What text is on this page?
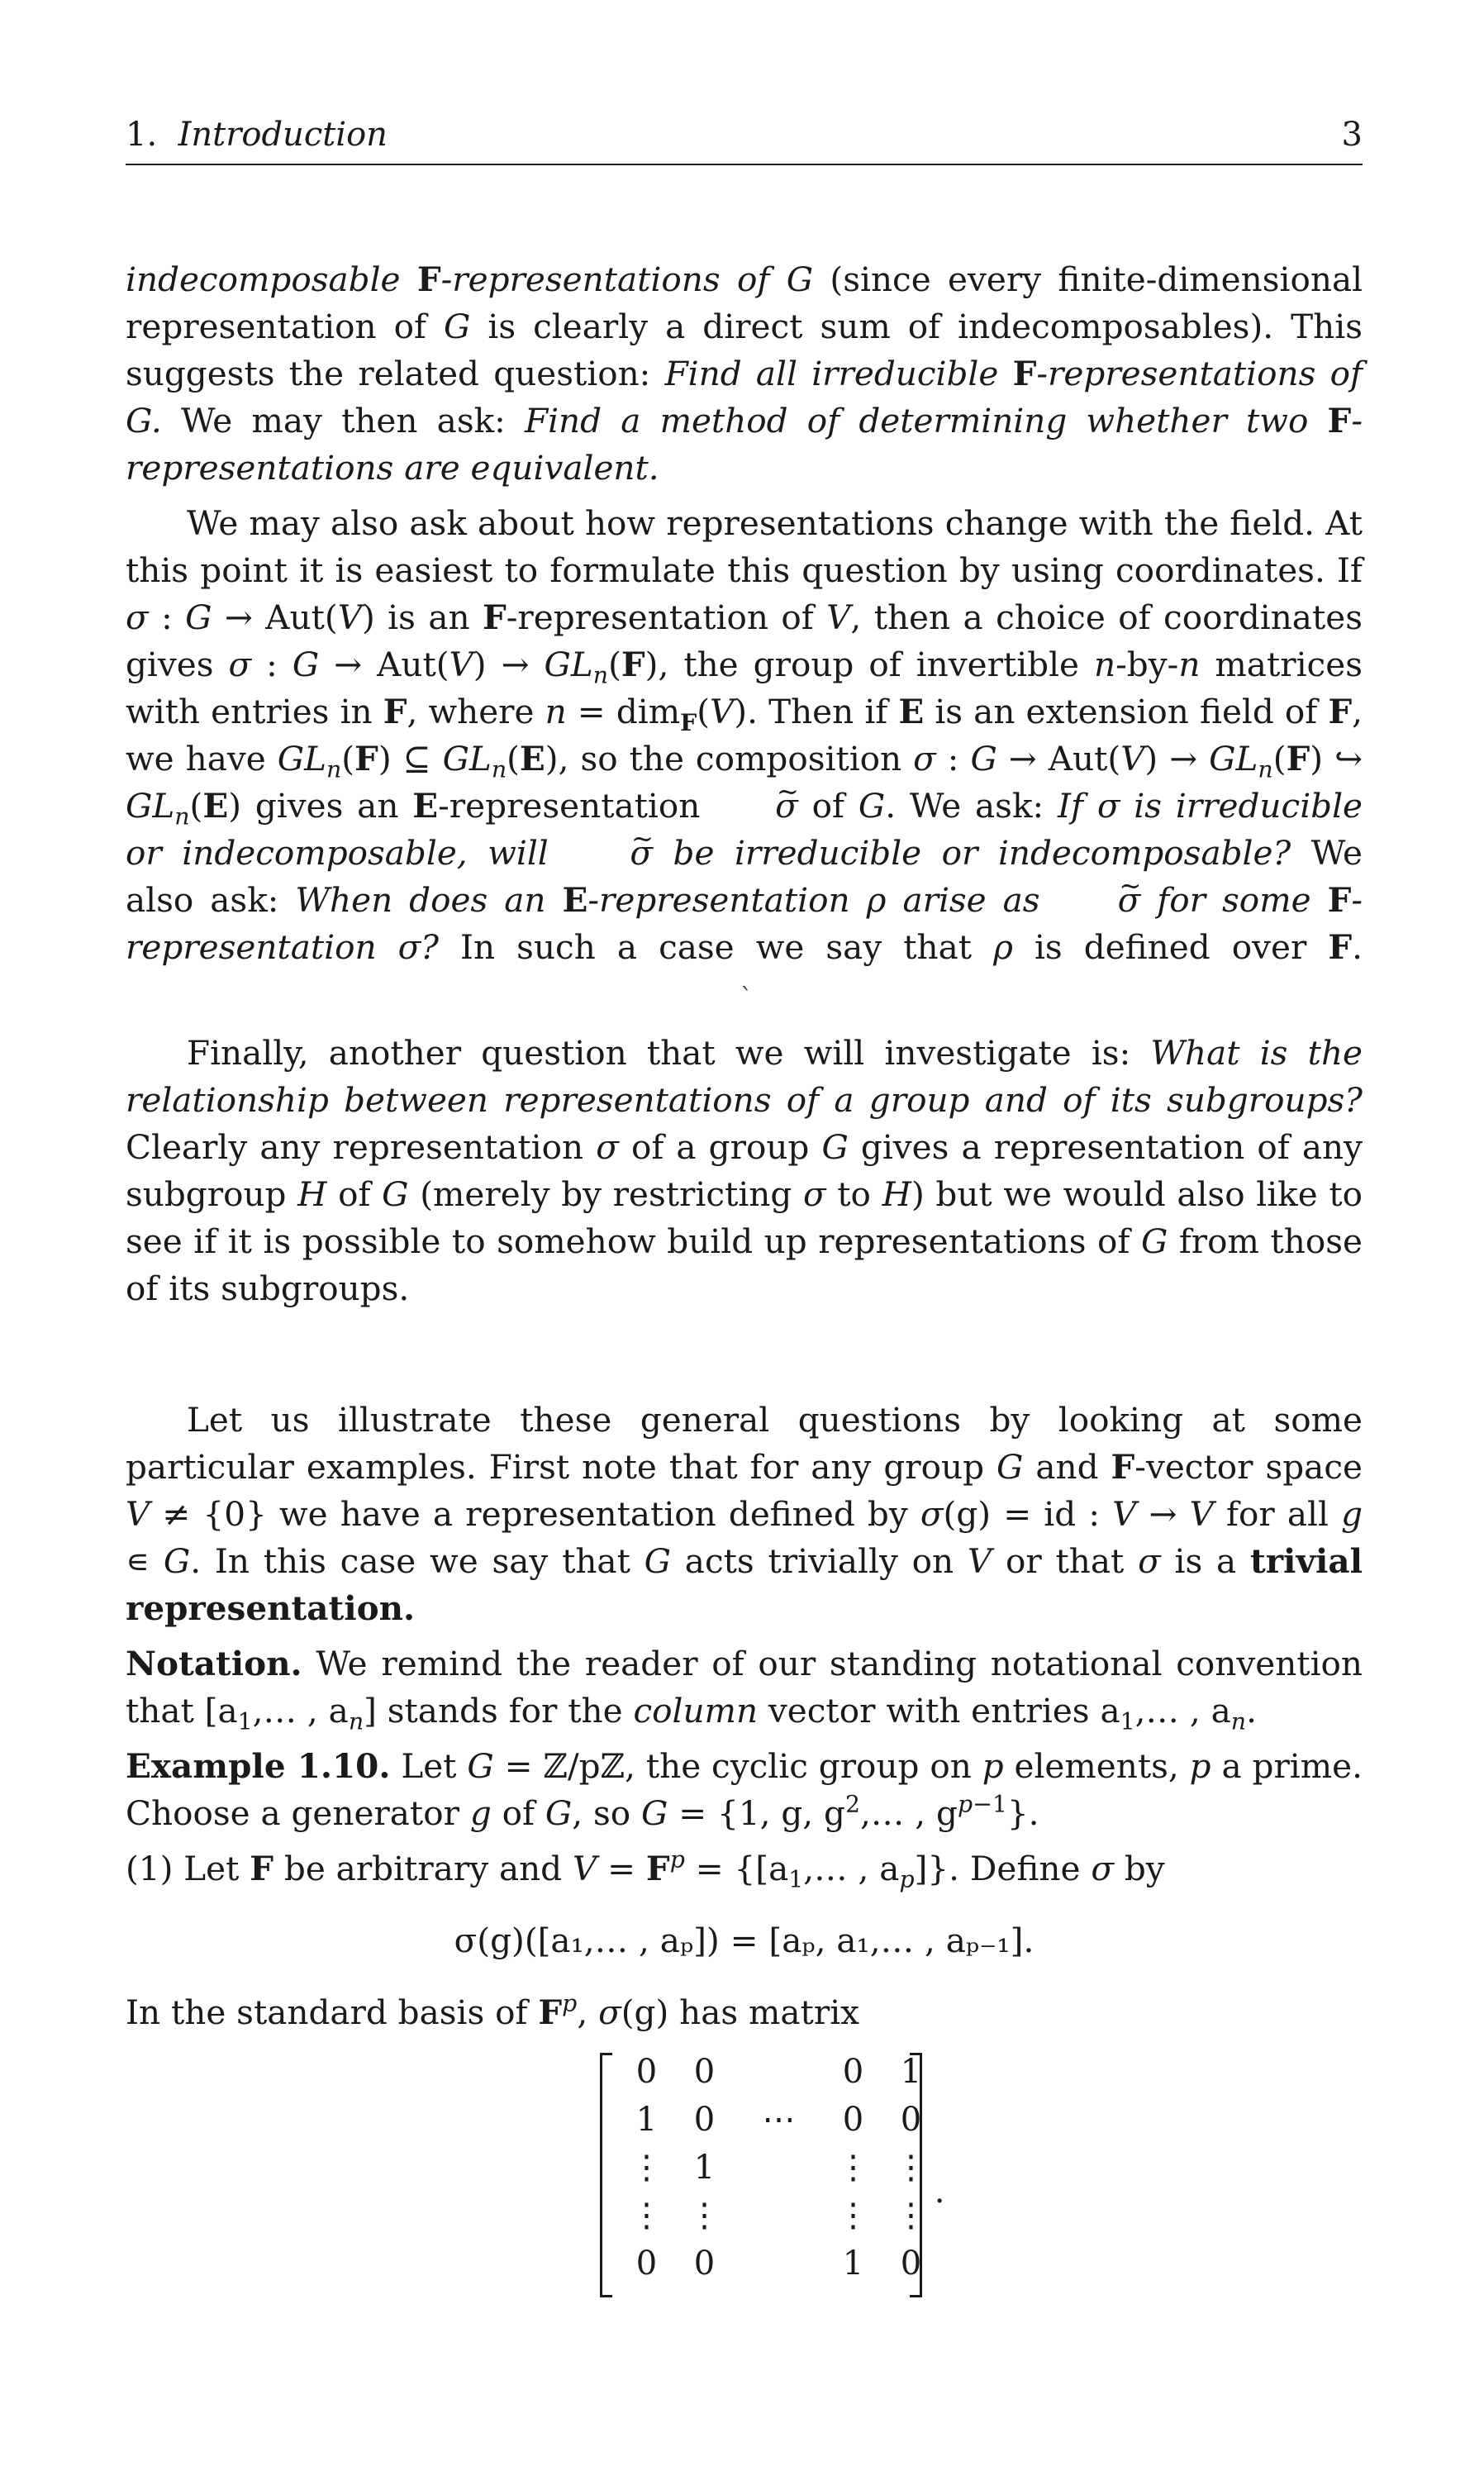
1. Introduction	3

indecomposable F-representations of G (since every finite-dimensional representation of G is clearly a direct sum of indecomposables). This suggests the related question: Find all irreducible F-representations of G. We may then ask: Find a method of determining whether two F-representations are equivalent.

We may also ask about how representations change with the field. At this point it is easiest to formulate this question by using coordinates. If σ : G → Aut(V) is an F-representation of V, then a choice of coordinates gives σ : $G \to Aut(V) \to GL_n(F)$, the group of invertible n-by-n matrices with entries in F, where n = dim$_F$(V). Then if E is an extension field of F, we have $GL_n(F)$ ⊆ $GL_n(E)$, so the composition σ : $G \to Aut(V) \to GL_n(F)$ ↪ $GL_n(E)$ gives an E-representation ~ σ of G. We ask: If σ is irreducible or indecomposable, will ~ σ be irreducible or indecomposable? We also ask: When does an E-representation ρ arise as ~ σ for some F-representation σ? In such a case we say that ρ is defined over F.`

Finally, another question that we will investigate is: What is the relationship between representations of a group and of its subgroups? Clearly any representation σ of a group G gives a representation of any subgroup H of G (merely by restricting σ to H) but we would also like to see if it is possible to somehow build up representations of G from those of its subgroups.

Let us illustrate these general questions by looking at some particular examples. First note that for any group G and F-vector space V ≠ {0} we have a representation defined by σ(g) = id : V → V for all g ∊ G. In this case we say that G acts trivially on V or that σ is a trivial representation.

Notation. We remind the reader of our standing notational convention that [$a_1,\dots$ , $a_n$] stands for the column vector with entries $a_1,\dots$ , $a_n$.

Example 1.10. Let G = ℤ/pℤ, the cyclic group on p elements, p a prime. Choose a generator g of G, so G = {1, g, $g^2,\dots$ , $g^{p-1}$}.

(1) Let F be arbitrary and $V = F^p$ = {[$a_1,\dots$ , $a_p$]}. Define σ by

σ(g)([a₁,… , aₚ]) = [aₚ, a₁,… , aₚ₋₁].

In the standard basis of $F^p$, σ(g) has matrix

0	0		0	1
1	0	⋯	0	0
⋮	1		⋮	⋮
⋮	⋮		⋮	⋮
0	0		1	0
.
